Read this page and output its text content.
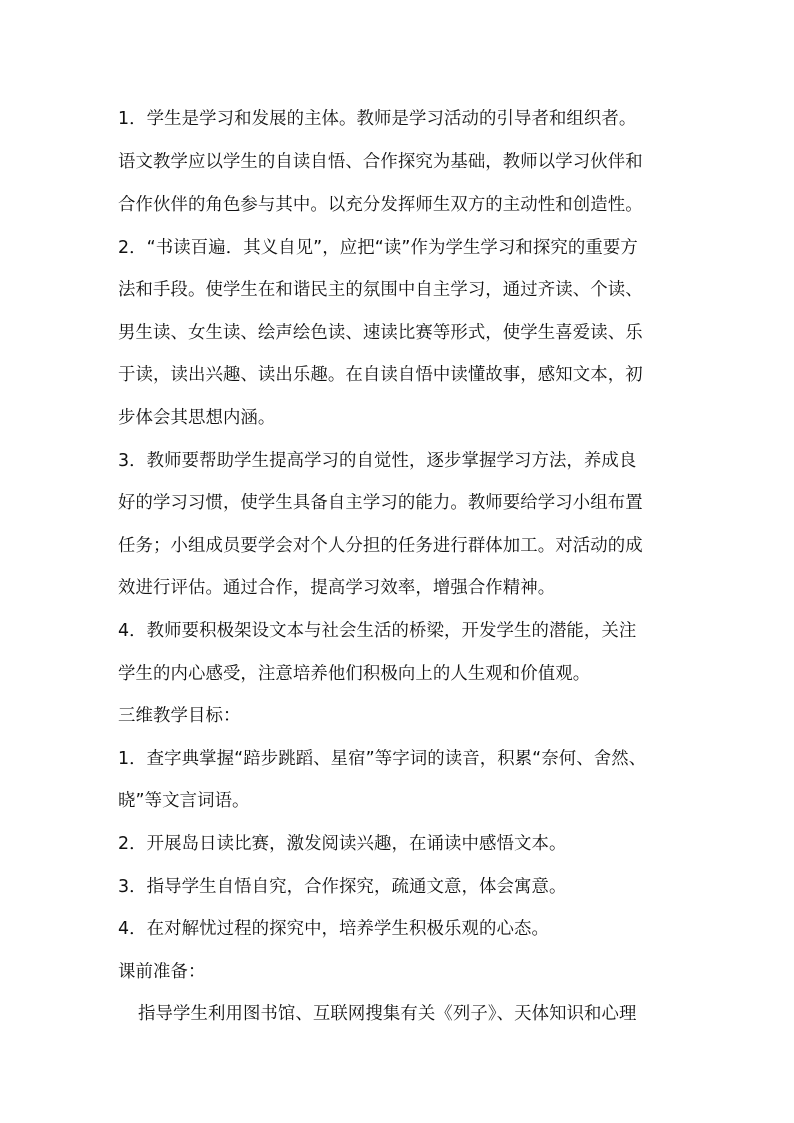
1．学生是学习和发展的主体。教师是学习活动的引导者和组织者。
语文教学应以学生的自读自悟、合作探究为基础，教师以学习伙伴和
合作伙伴的角色参与其中。以充分发挥师生双方的主动性和创造性。
2．“书读百遍．其义自见”，应把“读”作为学生学习和探究的重要方
法和手段。使学生在和谐民主的氛围中自主学习，通过齐读、个读、
男生读、女生读、绘声绘色读、速读比赛等形式，使学生喜爱读、乐
于读，读出兴趣、读出乐趣。在自读自悟中读懂故事，感知文本，初
步体会其思想内涵。
3．教师要帮助学生提高学习的自觉性，逐步掌握学习方法，养成良
好的学习习惯，使学生具备自主学习的能力。教师要给学习小组布置
任务；小组成员要学会对个人分担的任务进行群体加工。对活动的成
效进行评估。通过合作，提高学习效率，增强合作精神。
4．教师要积极架设文本与社会生活的桥梁，开发学生的潜能，关注
学生的内心感受，注意培养他们积极向上的人生观和价值观。
三维教学目标：
1．查字典掌握“踣步跳蹈、星宿”等字词的读音，积累“奈何、舍然、
晓”等文言词语。
2．开展岛日读比赛，激发阅读兴趣，在诵读中感悟文本。
3．指导学生自悟自究，合作探究，疏通文意，体会寓意。
4．在对解忧过程的探究中，培养学生积极乐观的心态。
课前准备：
指导学生利用图书馆、互联网搜集有关《列子》、天体知识和心理
